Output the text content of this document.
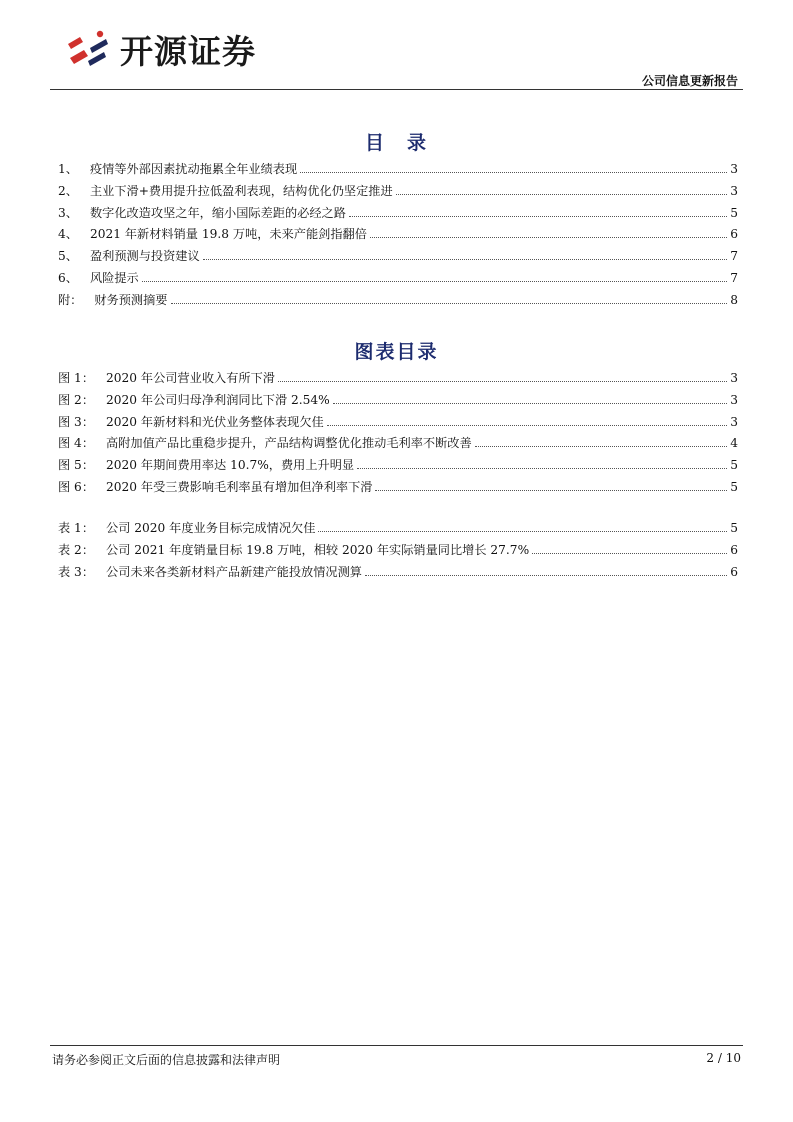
开源证券
公司信息更新报告
目　录
1、 疫情等外部因素扰动拖累全年业绩表现	3
2、 主业下滑+费用提升拉低盈利表现，结构优化仍坚定推进	3
3、 数字化改造攻坚之年，缩小国际差距的必经之路	5
4、 2021 年新材料销量 19.8 万吨，未来产能剑指翻倍	6
5、 盈利预测与投资建议	7
6、 风险提示	7
附： 财务预测摘要	8
图表目录
图 1： 2020 年公司营业收入有所下滑	3
图 2： 2020 年公司归母净利润同比下滑 2.54%	3
图 3： 2020 年新材料和光伏业务整体表现欠佳	3
图 4： 高附加值产品比重稳步提升，产品结构调整优化推动毛利率不断改善	4
图 5： 2020 年期间费用率达 10.7%，费用上升明显	5
图 6： 2020 年受三费影响毛利率虽有增加但净利率下滑	5
表 1： 公司 2020 年度业务目标完成情况欠佳	5
表 2： 公司 2021 年度销量目标 19.8 万吨，相较 2020 年实际销量同比增长 27.7%	6
表 3： 公司未来各类新材料产品新建产能投放情况测算	6
请务必参阅正文后面的信息披露和法律声明	2 / 10
